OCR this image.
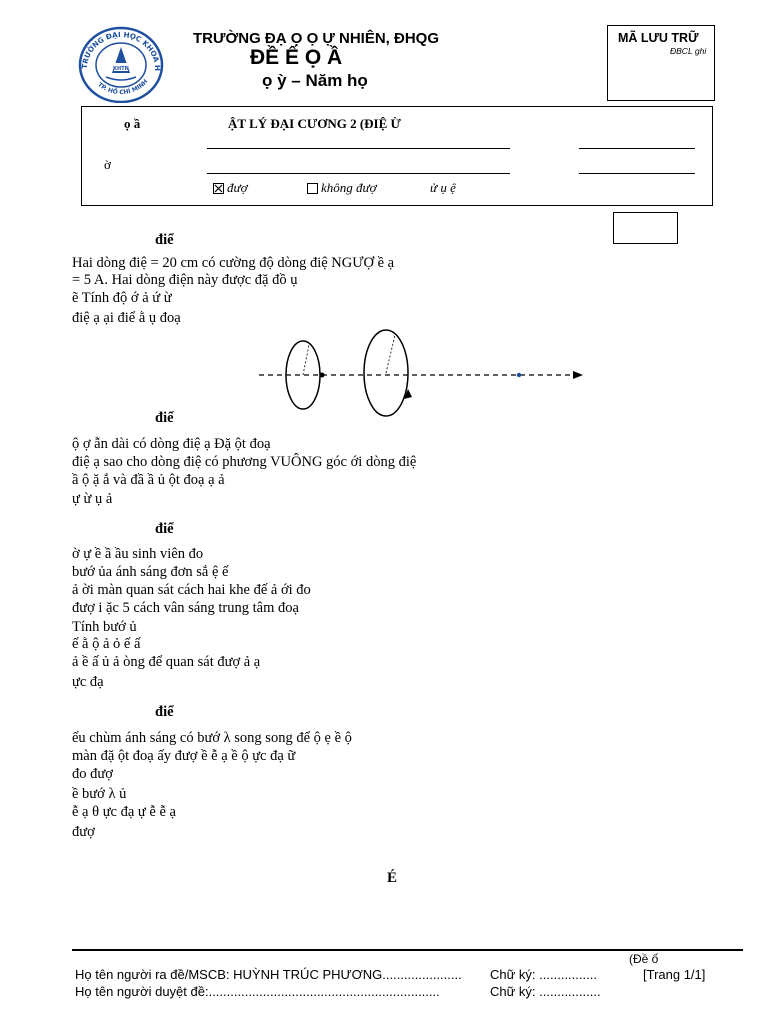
TRƯỜNG ĐẠI HỌC KHOA H
TP. HỒ CHÍ MINH
KHTN
TRƯỜNG ĐẠ Ọ Ọ Ự NHIÊN, ĐHQG
ĐỀ Ế Ọ Ầ
ọ ỳ – Năm họ
MÃ LƯU TRỮ
ĐBCL ghi
ọ ầ	ẬT LÝ ĐẠI CƯƠNG 2 (ĐIỆ Ừ
ờ
đượ	không đượ	ử ụ ệ
điể
Hai dòng điệ = 20 cm có cường độ dòng điệ NGƯỢ ề ạ
= 5 A. Hai dòng điện này được đặ đồ ụ
ẽ Tính độ ớ ả ứ ừ
điệ ạ ại điể ằ ụ đoạ
điể
ộ ợ ẫn dài có dòng điệ ạ Đặ ột đoạ
điệ ạ sao cho dòng điệ có phương VUÔNG góc ới dòng điệ
ầ ộ ặ ắ và đầ ầ ủ ột đoạ ạ ả
ự ừ ụ ả
điể
ờ ự ề ầ ầu sinh viên đo
bướ ủa ánh sáng đơn sắ ệ ế
ả ời màn quan sát cách hai khe đế ả ới đo
đượ i ặc 5 cách vân sáng trung tâm đoạ
Tính bướ ủ
ế ằ ộ ả ỏ ế ấ
ả ề ấ ủ ả òng để quan sát đượ ả ạ
ực đạ
điể
ếu chùm ánh sáng có bướ λ song song để ộ ẹ ề ộ
màn đặ ột đoạ ấy đượ ề ễ ạ ề ộ ực đạ ữ
đo đượ
ề bướ λ ủ
ễ ạ θ ực đạ ự ễ ễ ạ
đượ
É
(Đề ố
Họ tên người ra đề/MSCB: HUỲNH TRÚC PHƯƠNG...................... Chữ ký: ................	[Trang 1/1]
Họ tên người duyệt đề:................................................................	Chữ ký: .................
